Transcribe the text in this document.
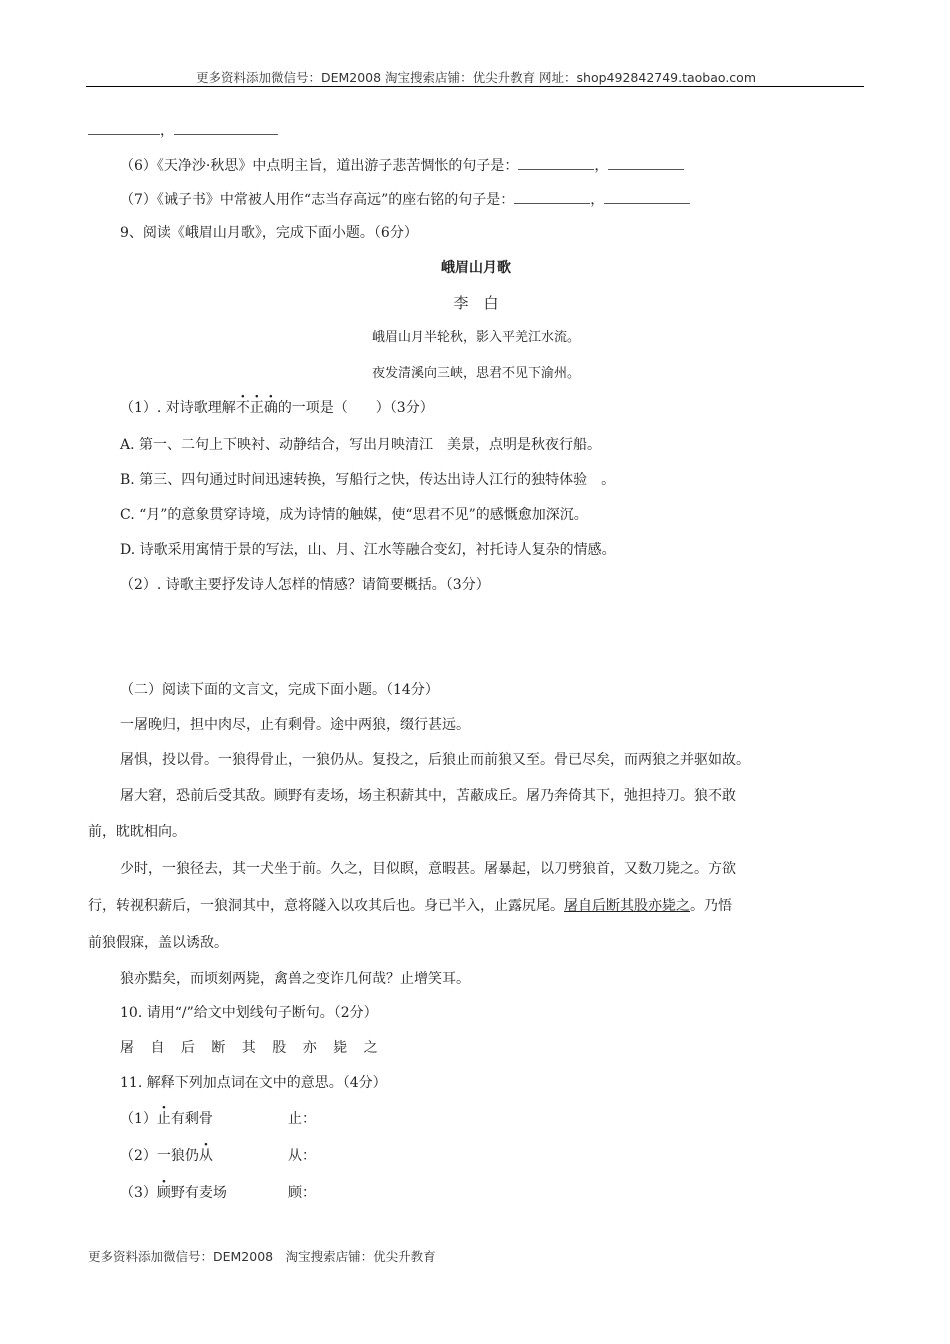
更多资料添加微信号：DEM2008 淘宝搜索店铺：优尖升教育 网址：shop492842749.taobao.com
，
（6）《天净沙·秋思》中点明主旨，道出游子悲苦惆怅的句子是：	，
（7）《诫子书》中常被人用作“志当存高远”的座右铭的句子是：	，
9、阅读《峨眉山月歌》，完成下面小题。（6分）
峨眉山月歌
李　白
峨眉山月半轮秋，影入平羌江水流。
夜发清溪向三峡，思君不见下渝州。
（1）. 对诗歌理解不正确的一项是（　　）（3分）
A. 第一、二句上下映衬、动静结合，写出月映清江　美景，点明是秋夜行船。
B. 第三、四句通过时间迅速转换，写船行之快，传达出诗人江行的独特体验　。
C. “月”的意象贯穿诗境，成为诗情的触媒，使“思君不见”的感慨愈加深沉。
D. 诗歌采用寓情于景的写法，山、月、江水等融合变幻，衬托诗人复杂的情感。
（2）. 诗歌主要抒发诗人怎样的情感？请简要概括。（3分）
（二）阅读下面的文言文，完成下面小题。（14分）
一屠晚归，担中肉尽，止有剩骨。途中两狼，缀行甚远。
屠惧，投以骨。一狼得骨止，一狼仍从。复投之，后狼止而前狼又至。骨已尽矣，而两狼之并驱如故。
屠大窘，恐前后受其敌。顾野有麦场，场主积薪其中，苫蔽成丘。屠乃奔倚其下，弛担持刀。狼不敢
前，眈眈相向。
少时，一狼径去，其一犬坐于前。久之，目似瞑，意暇甚。屠暴起，以刀劈狼首，又数刀毙之。方欲
行，转视积薪后，一狼洞其中，意将隧入以攻其后也。身已半入，止露尻尾。屠自后断其股亦毙之。乃悟
前狼假寐，盖以诱敌。
狼亦黠矣，而顷刻两毙，禽兽之变诈几何哉？止增笑耳。
10. 请用“/”给文中划线句子断句。（2分）
屠 自 后 断 其 股 亦 毙 之
11. 解释下列加点词在文中的意思。（4分）
（1）止有剩骨	止：
（2）一狼仍从	从：
（3）顾野有麦场	顾：
更多资料添加微信号：DEM2008　淘宝搜索店铺：优尖升教育
